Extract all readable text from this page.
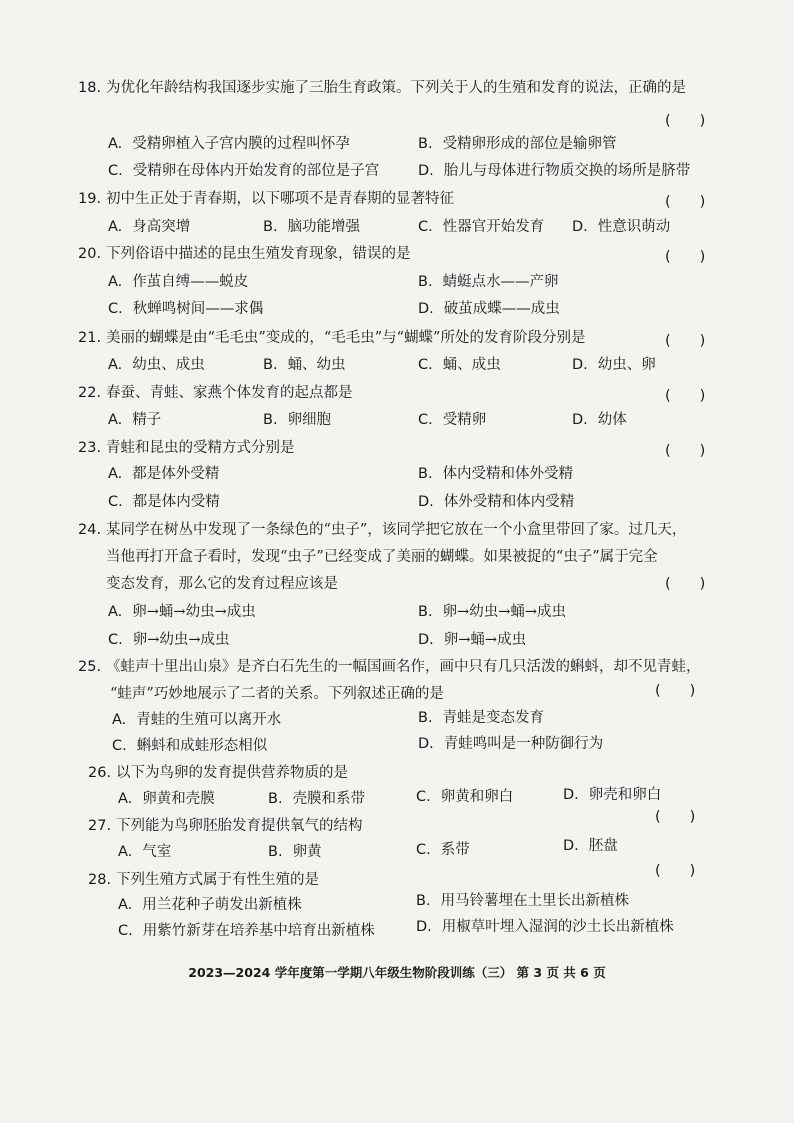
18. 为优化年龄结构我国逐步实施了三胎生育政策。下列关于人的生殖和发育的说法，正确的是
(　　)
A. 受精卵植入子宫内膜的过程叫怀孕	B. 受精卵形成的部位是输卵管
C. 受精卵在母体内开始发育的部位是子宫	D. 胎儿与母体进行物质交换的场所是脐带
19. 初中生正处于青春期，以下哪项不是青春期的显著特征	(　　)
A. 身高突增	B. 脑功能增强	C. 性器官开始发育 D. 性意识萌动
20. 下列俗语中描述的昆虫生殖发育现象，错误的是	(　　)
A. 作茧自缚——蜕皮	B. 蜻蜓点水——产卵
C. 秋蝉鸣树间——求偶	D. 破茧成蝶——成虫
21. 美丽的蝴蝶是由“毛毛虫”变成的，“毛毛虫”与“蝴蝶”所处的发育阶段分别是	(　　)
A. 幼虫、成虫	B. 蛹、幼虫	C. 蛹、成虫	D. 幼虫、卵
22. 春蚕、青蛙、家燕个体发育的起点都是	(　　)
A. 精子	B. 卵细胞	C. 受精卵	D. 幼体
23. 青蛙和昆虫的受精方式分别是	(　　)
A. 都是体外受精	B. 体内受精和体外受精
C. 都是体内受精	D. 体外受精和体内受精
24. 某同学在树丛中发现了一条绿色的“虫子”，该同学把它放在一个小盒里带回了家。过几天，
当他再打开盒子看时，发现“虫子”已经变成了美丽的蝴蝶。如果被捉的“虫子”属于完全
变态发育，那么它的发育过程应该是	(　　)
A. 卵→蛹→幼虫→成虫	B. 卵→幼虫→蛹→成虫
C. 卵→幼虫→成虫	D. 卵→蛹→成虫
25. 《蛙声十里出山泉》是齐白石先生的一幅国画名作，画中只有几只活泼的蝌蚪，却不见青蛙，
“蛙声”巧妙地展示了二者的关系。下列叙述正确的是	(　　)
A. 青蛙的生殖可以离开水	B. 青蛙是变态发育
C. 蝌蚪和成蛙形态相似	D. 青蛙鸣叫是一种防御行为
26. 以下为鸟卵的发育提供营养物质的是
A. 卵黄和壳膜	B. 壳膜和系带	C. 卵黄和卵白	D. 卵壳和卵白
27. 下列能为鸟卵胚胎发育提供氧气的结构
(　　)
A. 气室	B. 卵黄	C. 系带	D. 胚盘
28. 下列生殖方式属于有性生殖的是
(　　)
A. 用兰花种子萌发出新植株	B. 用马铃薯埋在土里长出新植株
C. 用紫竹新芽在培养基中培育出新植株	D. 用椒草叶埋入湿润的沙土长出新植株
2023—2024 学年度第一学期八年级生物阶段训练（三） 第 3 页 共 6 页
